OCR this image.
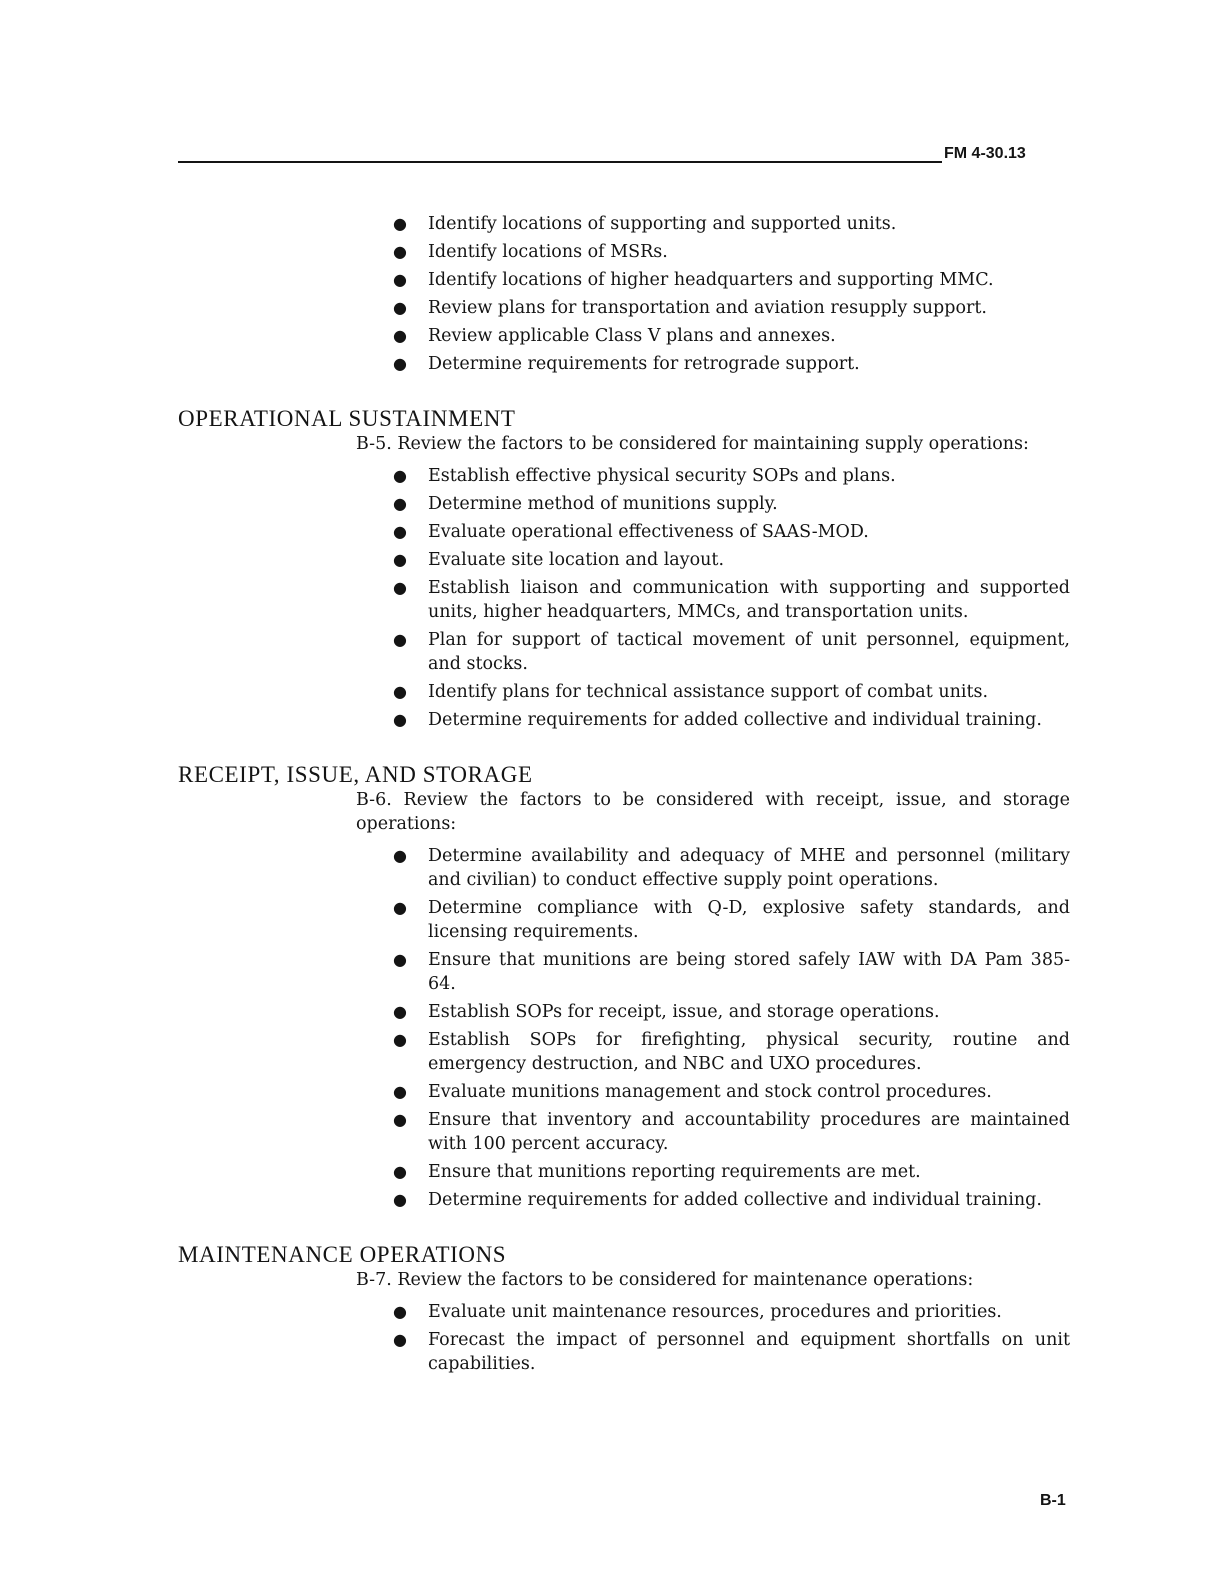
FM 4-30.13
● Identify locations of supporting and supported units.
● Identify locations of MSRs.
● Identify locations of higher headquarters and supporting MMC.
● Review plans for transportation and aviation resupply support.
● Review applicable Class V plans and annexes.
● Determine requirements for retrograde support.
OPERATIONAL SUSTAINMENT

B-5. Review the factors to be considered for maintaining supply operations:

● Establish effective physical security SOPs and plans.
● Determine method of munitions supply.
● Evaluate operational effectiveness of SAAS-MOD.
● Evaluate site location and layout.
● Establish liaison and communication with supporting and supported units, higher headquarters, MMCs, and transportation units.
● Plan for support of tactical movement of unit personnel, equipment, and stocks.
● Identify plans for technical assistance support of combat units.
● Determine requirements for added collective and individual training.
RECEIPT, ISSUE, AND STORAGE

B-6. Review the factors to be considered with receipt, issue, and storage operations:

● Determine availability and adequacy of MHE and personnel (military and civilian) to conduct effective supply point operations.
● Determine compliance with Q-D, explosive safety standards, and licensing requirements.
● Ensure that munitions are being stored safely IAW with DA Pam 385-64.
● Establish SOPs for receipt, issue, and storage operations.
● Establish SOPs for firefighting, physical security, routine and emergency destruction, and NBC and UXO procedures.
● Evaluate munitions management and stock control procedures.
● Ensure that inventory and accountability procedures are maintained with 100 percent accuracy.
● Ensure that munitions reporting requirements are met.
● Determine requirements for added collective and individual training.
MAINTENANCE OPERATIONS

B-7. Review the factors to be considered for maintenance operations:

● Evaluate unit maintenance resources, procedures and priorities.
● Forecast the impact of personnel and equipment shortfalls on unit capabilities.
B-1
